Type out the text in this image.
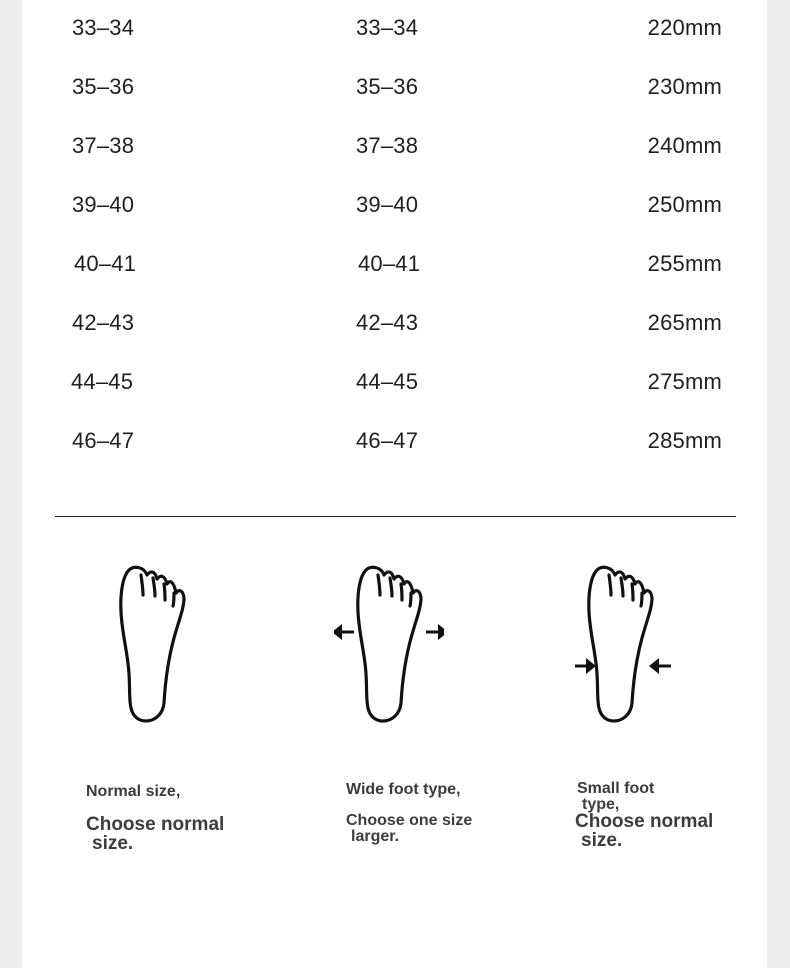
33–34	33–34	220mm
35–36	35–36	230mm
37–38	37–38	240mm
39–40	39–40	250mm
40–41	40–41	255mm
42–43	42–43	265mm
44–45	44–45	275mm
46–47	46–47	285mm
Normal size,
Choose normal
size.
Wide foot type,
Choose one size
larger.
Small foot
type,
Choose normal
size.
